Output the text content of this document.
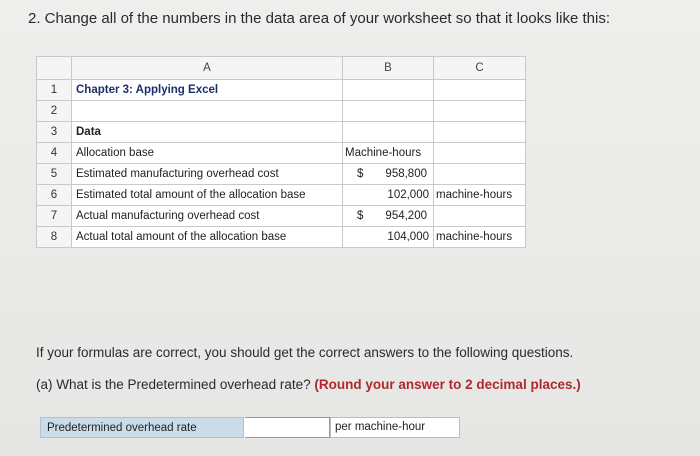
2. Change all of the numbers in the data area of your worksheet so that it looks like this:
	A	B	C
1	Chapter 3: Applying Excel		
2			
3	Data		
4	Allocation base	Machine-hours	
5	Estimated manufacturing overhead cost	$ 958,800	

6	Estimated total amount of the allocation base	102,000	machine-hours
7	Actual manufacturing overhead cost	$ 954,200	

8	Actual total amount of the allocation base	104,000	machine-hours
If your formulas are correct, you should get the correct answers to the following questions.
(a) What is the Predetermined overhead rate? (Round your answer to 2 decimal places.)
Predetermined overhead rate	per machine-hour
